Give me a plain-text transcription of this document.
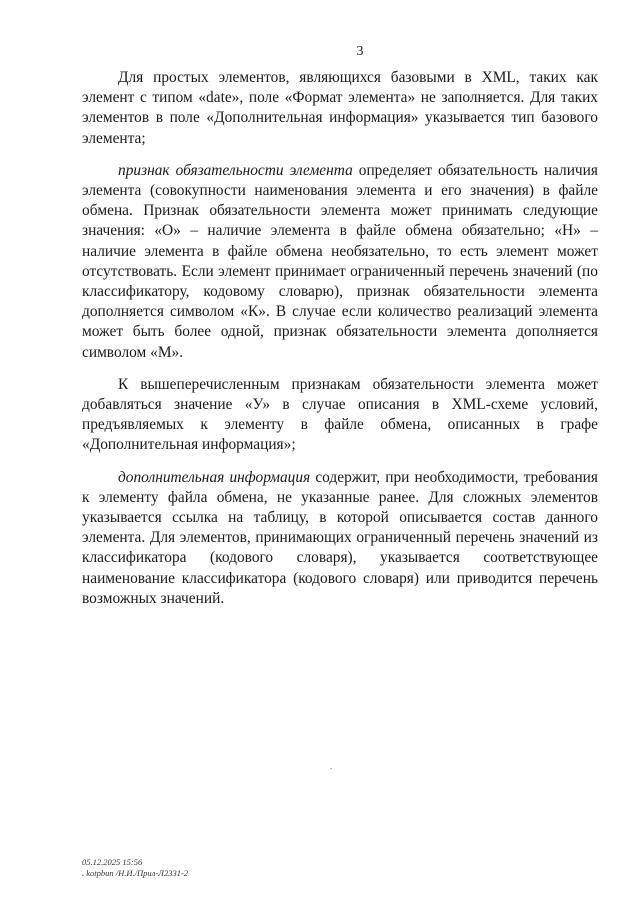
3

Для простых элементов, являющихся базовыми в XML, таких как элемент с типом «date», поле «Формат элемента» не заполняется. Для таких элементов в поле «Дополнительная информация» указывается тип базового элемента;

признак обязательности элемента определяет обязательность наличия элемента (совокупности наименования элемента и его значения) в файле обмена. Признак обязательности элемента может принимать следующие значения: «О» – наличие элемента в файле обмена обязательно; «Н» – наличие элемента в файле обмена необязательно, то есть элемент может отсутствовать. Если элемент принимает ограниченный перечень значений (по классификатору, кодовому словарю), признак обязательности элемента дополняется символом «К». В случае если количество реализаций элемента может быть более одной, признак обязательности элемента дополняется символом «М».

К вышеперечисленным признакам обязательности элемента может добавляться значение «У» в случае описания в XML-схеме условий, предъявляемых к элементу в файле обмена, описанных в графе «Дополнительная информация»;

дополнительная информация содержит, при необходимости, требования к элементу файла обмена, не указанные ранее. Для сложных элементов указывается ссылка на таблицу, в которой описывается состав данного элемента. Для элементов, принимающих ограниченный перечень значений из классификатора (кодового словаря), указывается соответствующее наименование классификатора (кодового словаря) или приводится перечень возможных значений.

05.12.2025 15:56
. kotpbun /Н.И./Прил-Л2331-2
